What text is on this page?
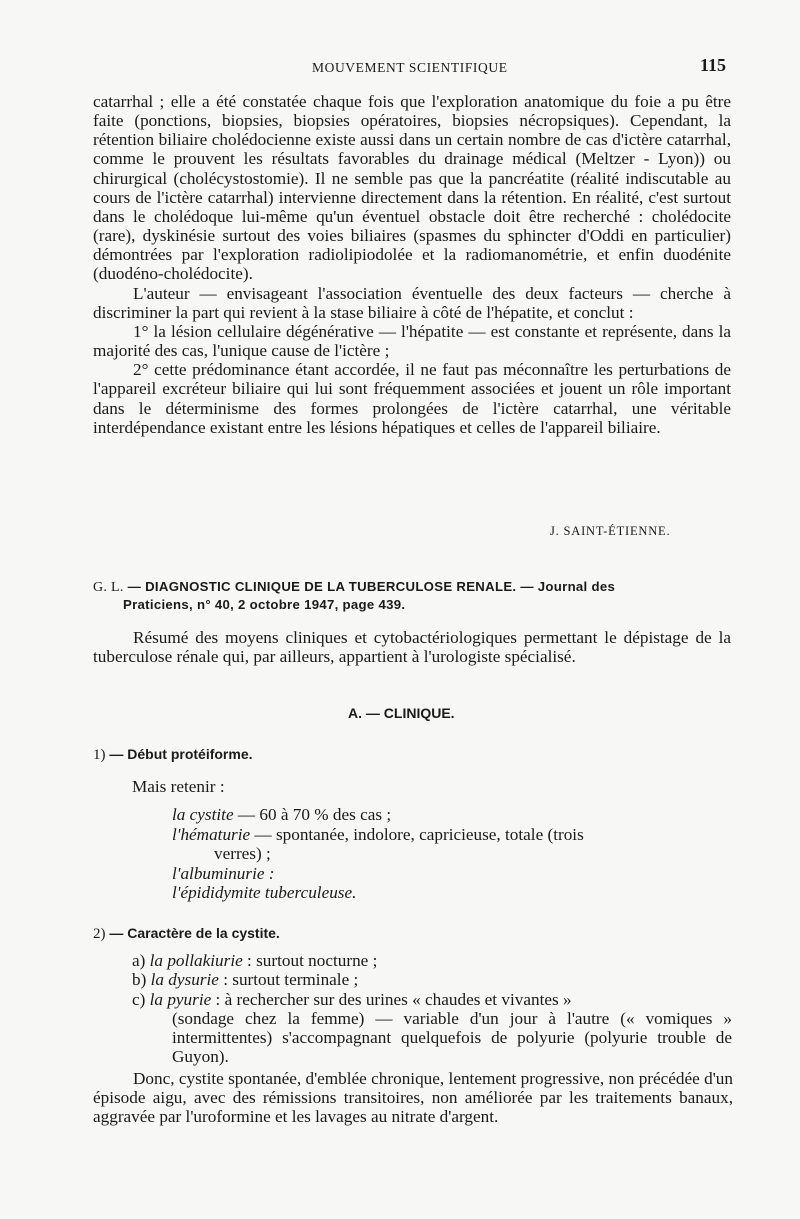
MOUVEMENT SCIENTIFIQUE	115

catarrhal ; elle a été constatée chaque fois que l'exploration anatomique du foie a pu être faite (ponctions, biopsies, biopsies opératoires, biopsies nécropsiques). Cependant, la rétention biliaire cholédocienne existe aussi dans un certain nombre de cas d'ictère catarrhal, comme le prouvent les résultats favorables du drainage médical (Meltzer - Lyon)) ou chirurgical (cholécystostomie). Il ne semble pas que la pancréatite (réalité indiscutable au cours de l'ictère catarrhal) intervienne directement dans la rétention. En réalité, c'est surtout dans le cholédoque lui-même qu'un éventuel obstacle doit être recherché : cholédocite (rare), dyskinésie surtout des voies biliaires (spasmes du sphincter d'Oddi en particulier) démontrées par l'exploration radiolipiodolée et la radiomanométrie, et enfin duodénite (duodéno-cholédocite).

L'auteur — envisageant l'association éventuelle des deux facteurs — cherche à discriminer la part qui revient à la stase biliaire à côté de l'hépatite, et conclut :

1° la lésion cellulaire dégénérative — l'hépatite — est constante et représente, dans la majorité des cas, l'unique cause de l'ictère ;

2° cette prédominance étant accordée, il ne faut pas méconnaître les perturbations de l'appareil excréteur biliaire qui lui sont fréquemment associées et jouent un rôle important dans le déterminisme des formes prolongées de l'ictère catarrhal, une véritable interdépendance existant entre les lésions hépatiques et celles de l'appareil biliaire.

J. SAINT-ÉTIENNE.
G. L. — DIAGNOSTIC CLINIQUE DE LA TUBERCULOSE RENALE. — Journal des
Praticiens, n° 40, 2 octobre 1947, page 439.

Résumé des moyens cliniques et cytobactériologiques permettant le dépistage de la tuberculose rénale qui, par ailleurs, appartient à l'urologiste spécialisé.

A. — CLINIQUE.
1) — Début protéiforme.
Mais retenir :
la cystite — 60 à 70 % des cas ;
l'hématurie — spontanée, indolore, capricieuse, totale (trois
verres) ;
l'albuminurie :
l'épididymite tuberculeuse.
2) — Caractère de la cystite.
a) la pollakiurie : surtout nocturne ;
b) la dysurie : surtout terminale ;
c) la pyurie : à rechercher sur des urines « chaudes et vivantes »
(sondage chez la femme) — variable d'un jour à l'autre (« vomiques » intermittentes) s'accompagnant quelquefois de polyurie (polyurie trouble de Guyon).

Donc, cystite spontanée, d'emblée chronique, lentement progressive, non précédée d'un épisode aigu, avec des rémissions transitoires, non améliorée par les traitements banaux, aggravée par l'uroformine et les lavages au nitrate d'argent.
